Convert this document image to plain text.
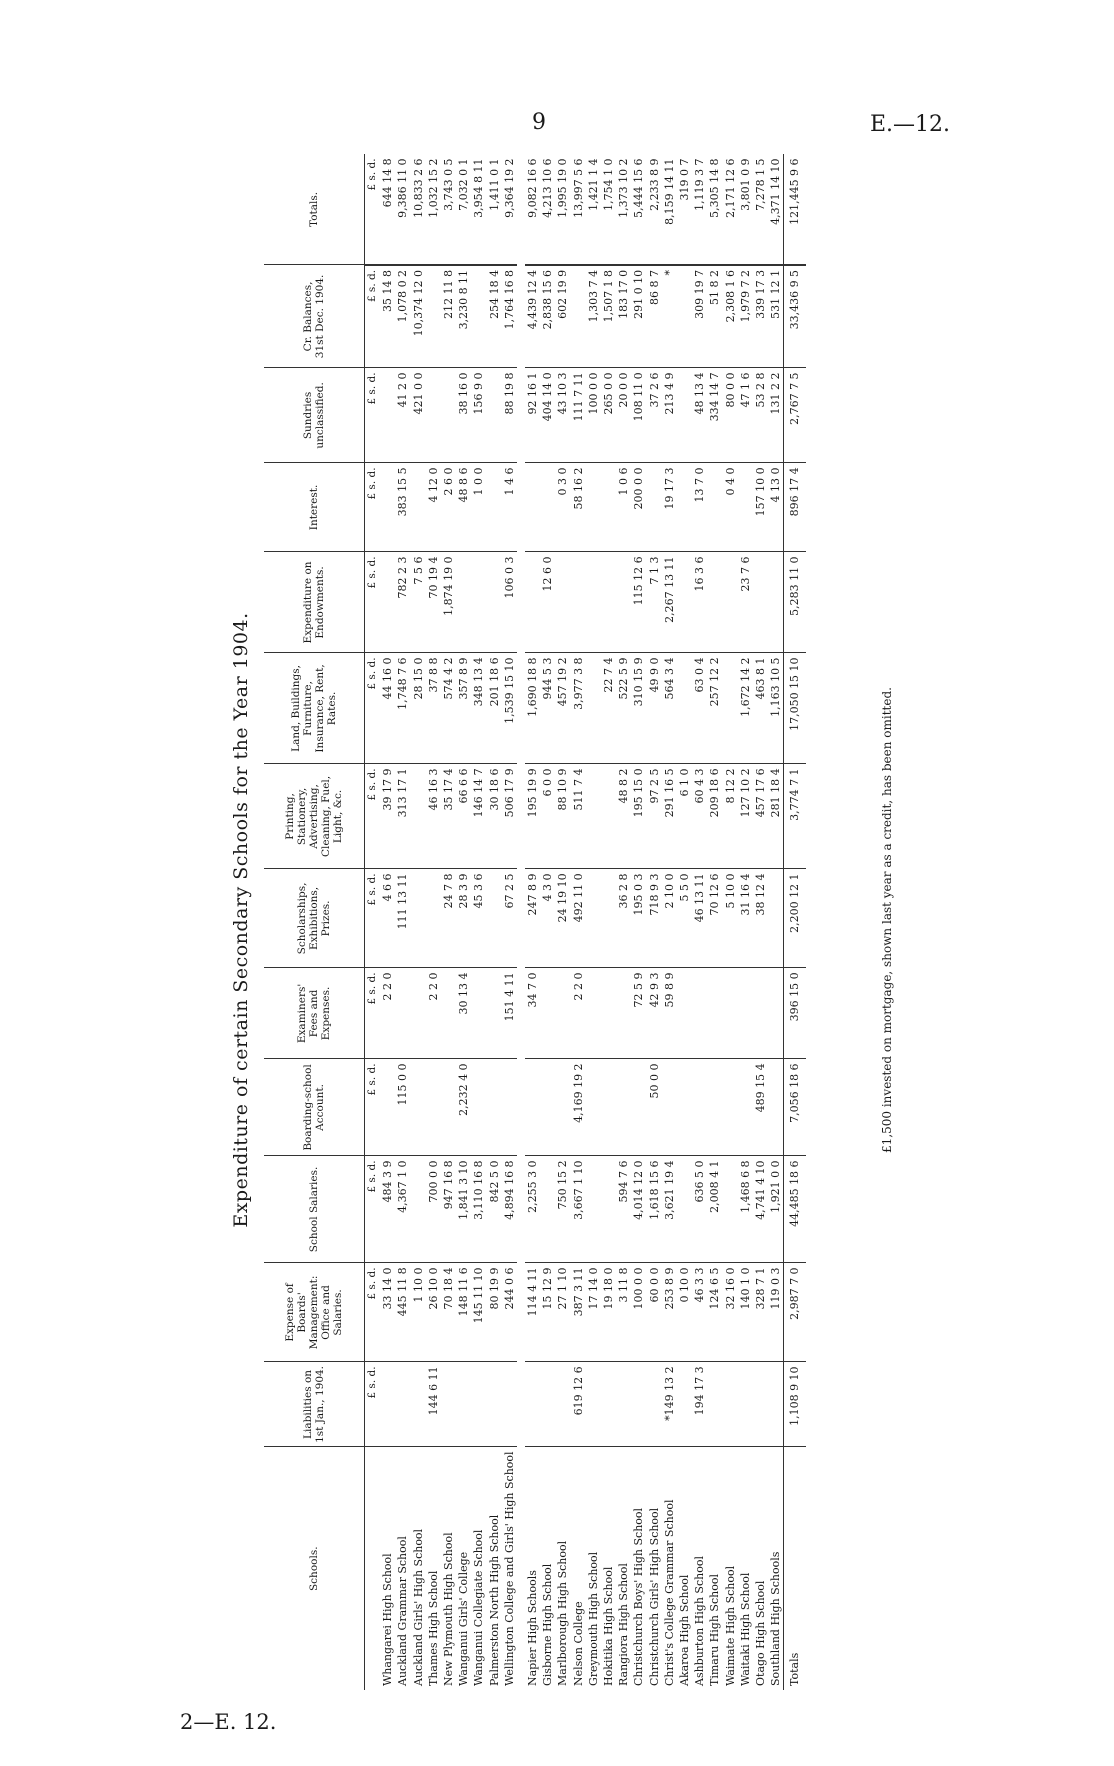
9	E.—12.
2—E. 12.
Expenditure of certain Secondary Schools for the Year 1904.
Schools.	Liabilities on 1st Jan., 1904.	Expense of Boards' Management: Office and Salaries.	School Salaries.	Boarding-school Account.	Examiners' Fees and Expenses.	Scholarships, Exhibitions, Prizes.	Printing, Stationery, Advertising, Cleaning, Fuel, Light, &c.	Land, Buildings, Furniture, Insurance, Rent, Rates.	Expenditure on Endowments.	Interest.	Sundries unclassified.	Cr. Balances, 31st Dec. 1904.	Totals.
	£ s. d.	£ s. d.	£ s. d.	£ s. d.	£ s. d.	£ s. d.	£ s. d.	£ s. d.	£ s. d.	£ s. d.	£ s. d.	£ s. d.	£ s. d.
Whangarei High School		33 14 0	484 3 9		2 2 0	4 6 6	39 17 9	44 16 0				35 14 8	644 14 8
Auckland Grammar School		445 11 8	4,367 1 0	115 0 0		111 13 11	313 17 1	1,748 7 6	782 2 3	383 15 5	41 2 0	1,078 0 2	9,386 11 0
Auckland Girls' High School		1 10 0						28 15 0	7 5 6		421 0 0	10,374 12 0	10,833 2 6
Thames High School	144 6 11	26 10 0	700 0 0		2 2 0		46 16 3	37 8 8	70 19 4	4 12 0			1,032 15 2
New Plymouth High School		70 18 4	947 16 8			24 7 8	35 17 4	574 4 2	1,874 19 0	2 6 0		212 11 8	3,743 0 5
Wanganui Girls' College		148 11 6	1,841 3 10	2,232 4 0	30 13 4	28 3 9	66 6 6	357 8 9		48 8 6	38 16 0	3,230 8 11	7,032 0 1
Wanganui Collegiate School		145 11 10	3,110 16 8			45 3 6	146 14 7	348 13 4		1 0 0	156 9 0		3,954 8 11
Palmerston North High School		80 19 9	842 5 0				30 18 6	201 18 6				254 18 4	1,411 0 1
Wellington College and Girls' High School		244 0 6	4,894 16 8		151 4 11	67 2 5	506 17 9	1,539 15 10	106 0 3	1 4 6	88 19 8	1,764 16 8	9,364 19 2

Napier High Schools		114 4 11	2,255 3 0		34 7 0	247 8 9	195 19 9	1,690 18 8			92 16 1	4,439 12 4	9,082 16 6
Gisborne High School		15 12 9				4 3 0	6 0 0	944 5 3	12 6 0		404 14 0	2,838 15 6	4,213 10 6
Marlborough High School		27 1 10	750 15 2			24 19 10	88 10 9	457 19 2		0 3 0	43 10 3	602 19 9	1,995 19 0
Nelson College	619 12 6	387 3 11	3,667 1 10	4,169 19 2	2 2 0	492 11 0	511 7 4	3,977 3 8		58 16 2	111 7 11		13,997 5 6
Greymouth High School		17 14 0									100 0 0	1,303 7 4	1,421 1 4
Hokitika High School		19 18 0						22 7 4			265 0 0	1,507 1 8	1,754 1 0
Rangiora High School		3 11 8	594 7 6			36 2 8	48 8 2	522 5 9		1 0 6	20 0 0	183 17 0	1,373 10 2
Christchurch Boys' High School		100 0 0	4,014 12 0		72 5 9	195 0 3	195 15 0	310 15 9	115 12 6	200 0 0	108 11 0	291 0 10	5,444 15 6
Christchurch Girls' High School		60 0 0	1,618 15 6	50 0 0	42 9 3	718 9 3	97 2 5	49 9 0	7 1 3		37 2 6	86 8 7	2,233 8 9
Christ's College Grammar School	*149 13 2	253 8 9	3,621 19 4		59 8 9	2 10 0	291 16 5	564 3 4	2,267 13 11	19 17 3	213 4 9	*	8,159 14 11
Akaroa High School		0 10 0				5 5 0	6 1 0						319 0 7
Ashburton High School	194 17 3	46 3 3	636 5 0			46 13 11	60 4 3	63 0 4	16 3 6	13 7 0	48 13 4	309 19 7	1,119 3 7
Timaru High School		124 6 5	2,008 4 1			70 12 6	209 18 6	257 12 2			334 14 7	51 8 2	5,305 14 8
Waimate High School		32 16 0				5 10 0	8 12 2			0 4 0	80 0 0	2,308 1 6	2,171 12 6
Waitaki High School		140 1 0	1,468 6 8			31 16 4	127 10 2	1,672 14 2	23 7 6		47 1 6	1,979 7 2	3,801 0 9
Otago High School		328 7 1	4,741 4 10	489 15 4		38 12 4	457 17 6	463 8 1		157 10 0	53 2 8	339 17 3	7,278 1 5
Southland High Schools		119 0 3	1,921 0 0				281 18 4	1,163 10 5		4 13 0	131 2 2	531 12 1	4,371 14 10
Totals	1,108 9 10	2,987 7 0	44,485 18 6	7,056 18 6	396 15 0	2,200 12 1	3,774 7 1	17,050 15 10	5,283 11 0	896 17 4	2,767 7 5	33,436 9 5	121,445 9 6
£1,500 invested on mortgage, shown last year as a credit, has been omitted.
